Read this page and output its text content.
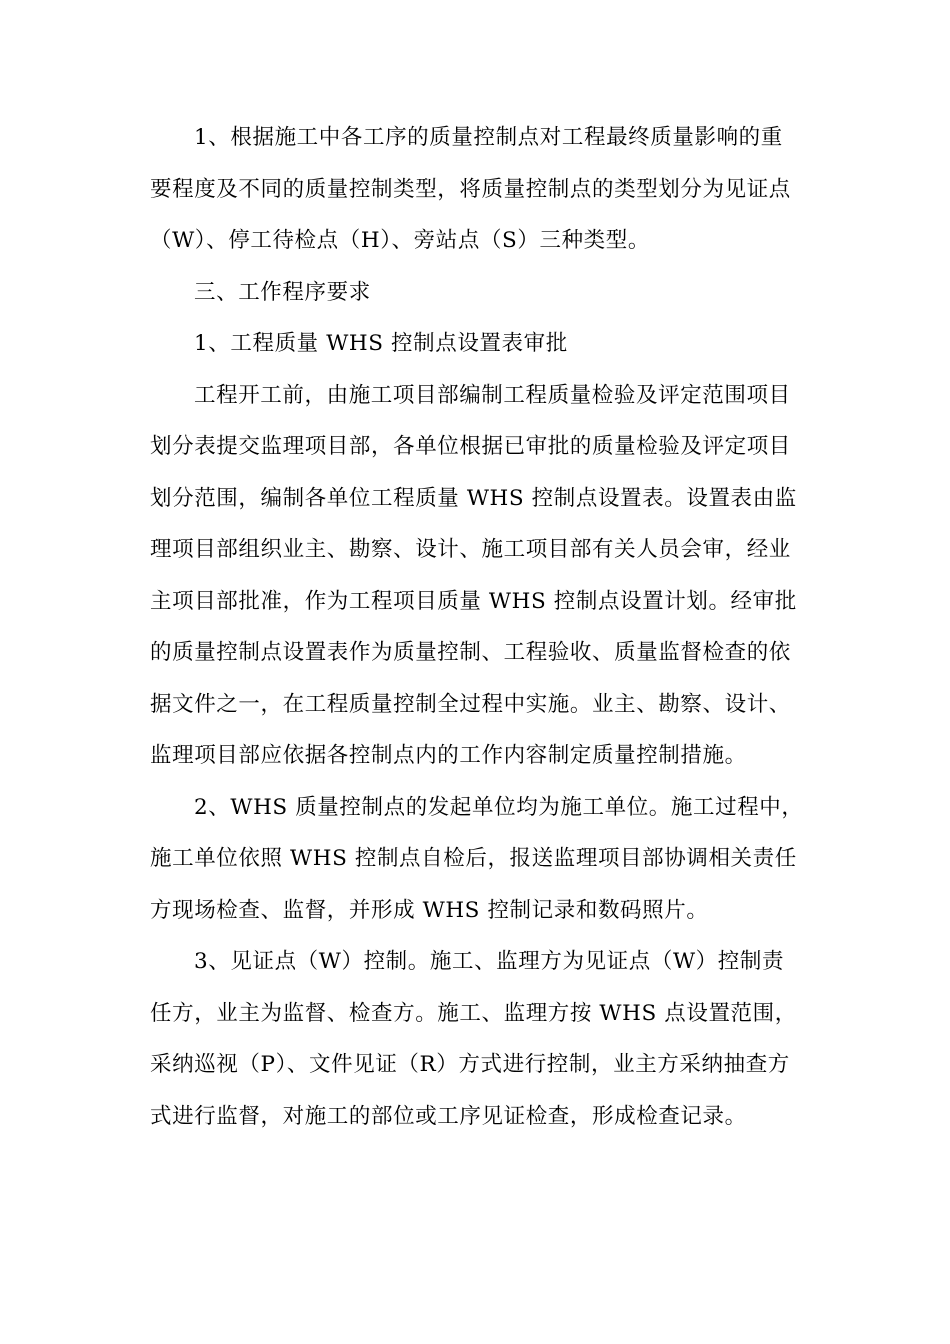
1、根据施工中各工序的质量控制点对工程最终质量影响的重
要程度及不同的质量控制类型，将质量控制点的类型划分为见证点
（W）、停工待检点（H）、旁站点（S）三种类型。
三、工作程序要求
1、工程质量 WHS 控制点设置表审批
工程开工前，由施工项目部编制工程质量检验及评定范围项目
划分表提交监理项目部，各单位根据已审批的质量检验及评定项目
划分范围，编制各单位工程质量 WHS 控制点设置表。设置表由监
理项目部组织业主、勘察、设计、施工项目部有关人员会审，经业
主项目部批准，作为工程项目质量 WHS 控制点设置计划。经审批
的质量控制点设置表作为质量控制、工程验收、质量监督检查的依
据文件之一，在工程质量控制全过程中实施。业主、勘察、设计、
监理项目部应依据各控制点内的工作内容制定质量控制措施。
2、WHS 质量控制点的发起单位均为施工单位。施工过程中，
施工单位依照 WHS 控制点自检后，报送监理项目部协调相关责任
方现场检查、监督，并形成 WHS 控制记录和数码照片。
3、见证点（W）控制。施工、监理方为见证点（W）控制责
任方，业主为监督、检查方。施工、监理方按 WHS 点设置范围，
采纳巡视（P）、文件见证（R）方式进行控制，业主方采纳抽查方
式进行监督，对施工的部位或工序见证检查，形成检查记录。
